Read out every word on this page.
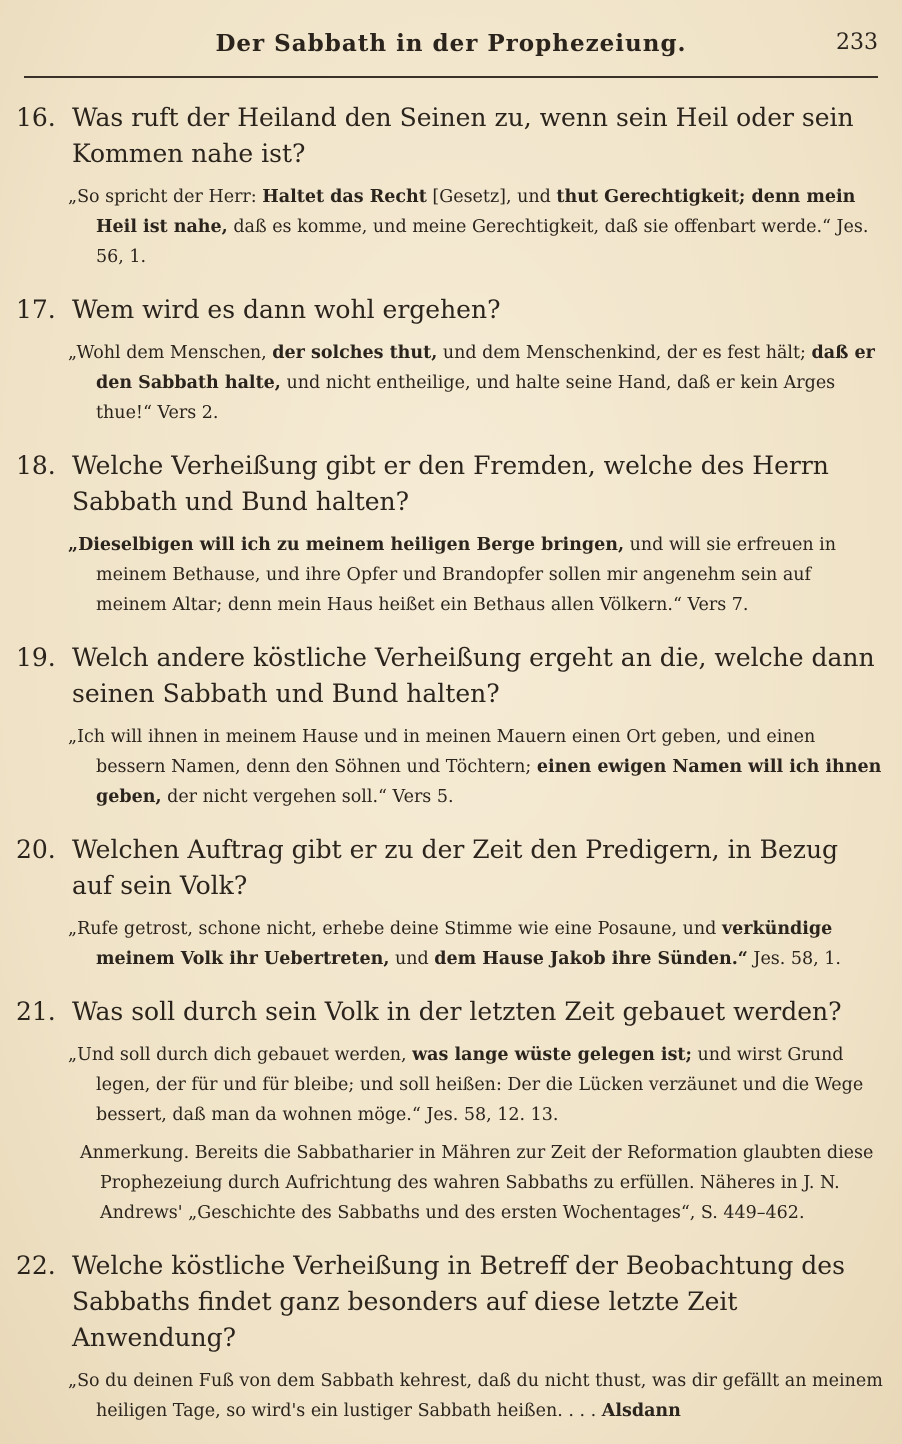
Der Sabbath in der Prophezeiung.	233
16. Was ruft der Heiland den Seinen zu, wenn sein Heil oder sein Kommen nahe ist?
„So spricht der Herr: Haltet das Recht [Gesetz], und thut Gerechtigkeit; denn mein Heil ist nahe, daß es komme, und meine Gerechtigkeit, daß sie offenbart werde.“ Jes. 56, 1.
17. Wem wird es dann wohl ergehen?
„Wohl dem Menschen, der solches thut, und dem Menschenkind, der es fest hält; daß er den Sabbath halte, und nicht entheilige, und halte seine Hand, daß er kein Arges thue!“ Vers 2.
18. Welche Verheißung gibt er den Fremden, welche des Herrn Sabbath und Bund halten?
„Dieselbigen will ich zu meinem heiligen Berge bringen, und will sie erfreuen in meinem Bethause, und ihre Opfer und Brandopfer sollen mir angenehm sein auf meinem Altar; denn mein Haus heißet ein Bethaus allen Völkern.“ Vers 7.
19. Welch andere köstliche Verheißung ergeht an die, welche dann seinen Sabbath und Bund halten?
„Ich will ihnen in meinem Hause und in meinen Mauern einen Ort geben, und einen bessern Namen, denn den Söhnen und Töchtern; einen ewigen Namen will ich ihnen geben, der nicht vergehen soll.“ Vers 5.
20. Welchen Auftrag gibt er zu der Zeit den Predigern, in Bezug auf sein Volk?
„Rufe getrost, schone nicht, erhebe deine Stimme wie eine Posaune, und verkündige meinem Volk ihr Uebertreten, und dem Hause Jakob ihre Sünden.“ Jes. 58, 1.
21. Was soll durch sein Volk in der letzten Zeit gebauet werden?
„Und soll durch dich gebauet werden, was lange wüste gelegen ist; und wirst Grund legen, der für und für bleibe; und soll heißen: Der die Lücken verzäunet und die Wege bessert, daß man da wohnen möge.“ Jes. 58, 12. 13.
Anmerkung. Bereits die Sabbatharier in Mähren zur Zeit der Reformation glaubten diese Prophezeiung durch Aufrichtung des wahren Sabbaths zu erfüllen. Näheres in J. N. Andrews' „Geschichte des Sabbaths und des ersten Wochentages“, S. 449–462.
22. Welche köstliche Verheißung in Betreff der Beobachtung des Sabbaths findet ganz besonders auf diese letzte Zeit Anwendung?
„So du deinen Fuß von dem Sabbath kehrest, daß du nicht thust, was dir gefällt an meinem heiligen Tage, so wird's ein lustiger Sabbath heißen. . . . Alsdann
